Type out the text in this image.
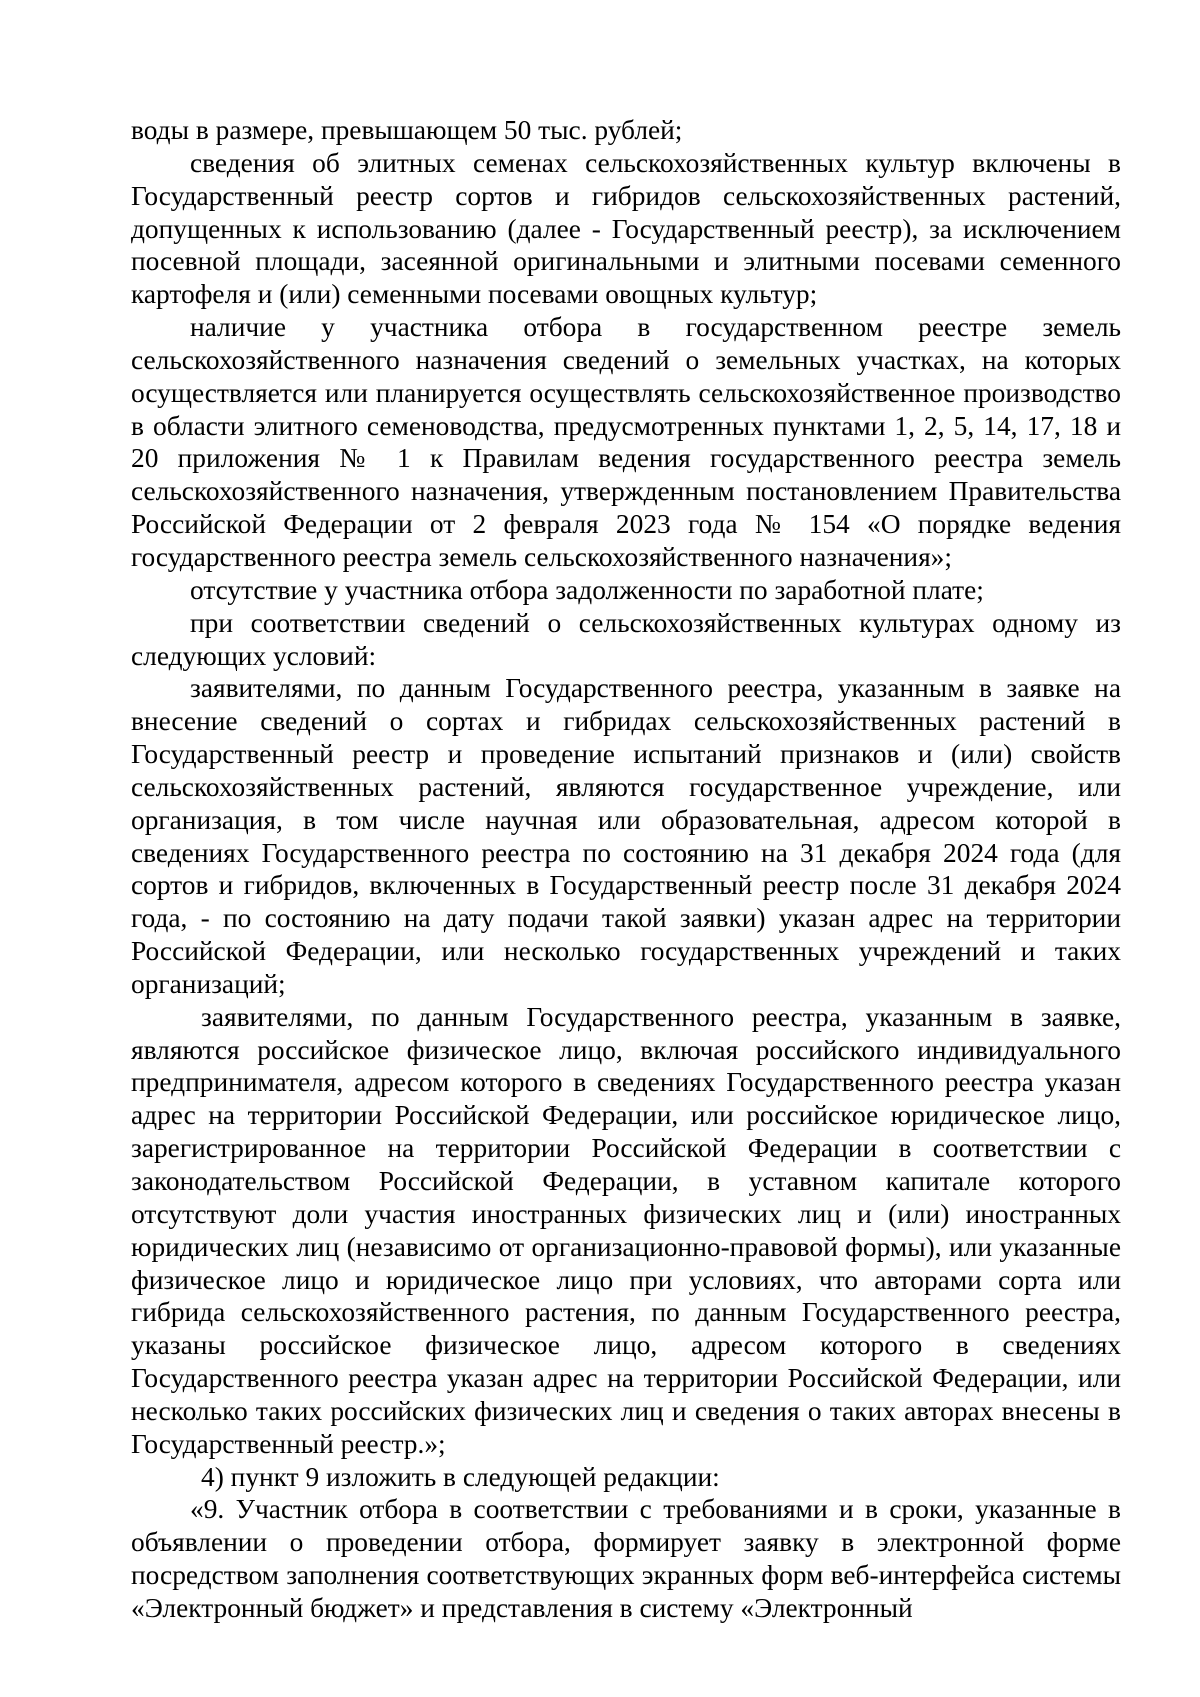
воды в размере, превышающем 50 тыс. рублей;

сведения об элитных семенах сельскохозяйственных культур включены в Государственный реестр сортов и гибридов сельскохозяйственных растений, допущенных к использованию (далее - Государственный реестр), за исключением посевной площади, засеянной оригинальными и элитными посевами семенного картофеля и (или) семенными посевами овощных культур;

наличие у участника отбора в государственном реестре земель сельскохозяйственного назначения сведений о земельных участках, на которых осуществляется или планируется осуществлять сельскохозяйственное производство в области элитного семеноводства, предусмотренных пунктами 1, 2, 5, 14, 17, 18 и 20 приложения № 1 к Правилам ведения государственного реестра земель сельскохозяйственного назначения, утвержденным постановлением Правительства Российской Федерации от 2 февраля 2023 года № 154 «О порядке ведения государственного реестра земель сельскохозяйственного назначения»;

отсутствие у участника отбора задолженности по заработной плате;

при соответствии сведений о сельскохозяйственных культурах одному из следующих условий:

заявителями, по данным Государственного реестра, указанным в заявке на внесение сведений о сортах и гибридах сельскохозяйственных растений в Государственный реестр и проведение испытаний признаков и (или) свойств сельскохозяйственных растений, являются государственное учреждение, или организация, в том числе научная или образовательная, адресом которой в сведениях Государственного реестра по состоянию на 31 декабря 2024 года (для сортов и гибридов, включенных в Государственный реестр после 31 декабря 2024 года, - по состоянию на дату подачи такой заявки) указан адрес на территории Российской Федерации, или несколько государственных учреждений и таких организаций;

заявителями, по данным Государственного реестра, указанным в заявке, являются российское физическое лицо, включая российского индивидуального предпринимателя, адресом которого в сведениях Государственного реестра указан адрес на территории Российской Федерации, или российское юридическое лицо, зарегистрированное на территории Российской Федерации в соответствии с законодательством Российской Федерации, в уставном капитале которого отсутствуют доли участия иностранных физических лиц и (или) иностранных юридических лиц (независимо от организационно-правовой формы), или указанные физическое лицо и юридическое лицо при условиях, что авторами сорта или гибрида сельскохозяйственного растения, по данным Государственного реестра, указаны российское физическое лицо, адресом которого в сведениях Государственного реестра указан адрес на территории Российской Федерации, или несколько таких российских физических лиц и сведения о таких авторах внесены в Государственный реестр.»;

4) пункт 9 изложить в следующей редакции:

«9. Участник отбора в соответствии с требованиями и в сроки, указанные в объявлении о проведении отбора, формирует заявку в электронной форме посредством заполнения соответствующих экранных форм веб-интерфейса системы «Электронный бюджет» и представления в систему «Электронный
